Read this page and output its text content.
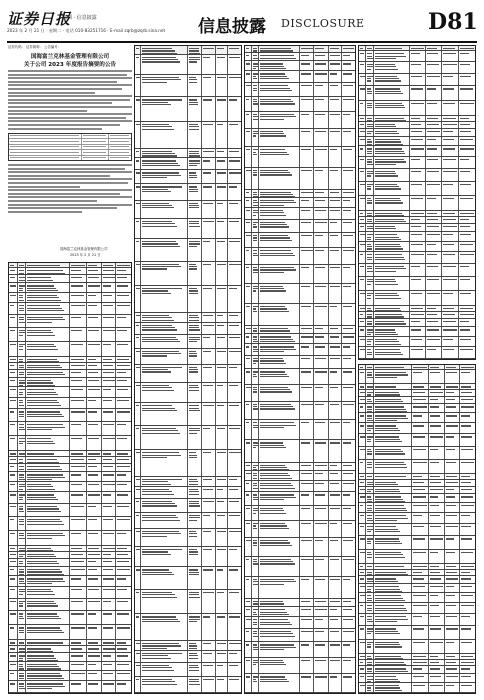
证券日报
副刊 · 信息披露
2023 年 2 月 21 日 · 星期二 · 电话 010-83251716 · E-mail zqrb@zqrb.sina.net 信息披露 DISCLOSURE	D81
证券代码： 证券简称： 公告编号：
国海富兰克林基金管理有限公司
关于公司 2023 年度报告摘要的公告
国海富兰克林基金管理有限公司
2023 年 2 月 21 日
